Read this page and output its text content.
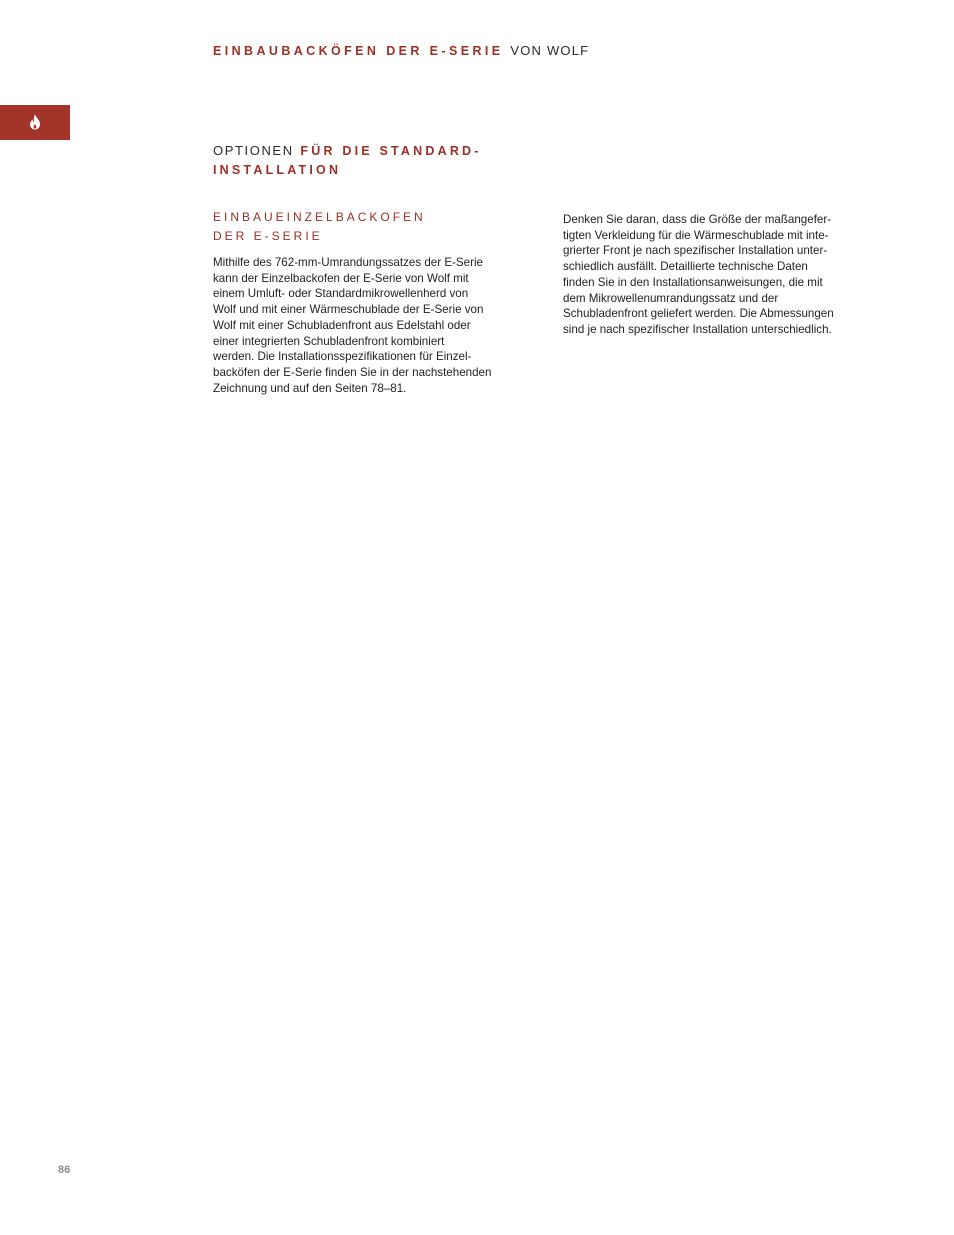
EINBAUBACKÖFEN DER E-SERIE VON WOLF
OPTIONEN FÜR DIE STANDARD-
INSTALLATION
EINBAUEINZELBACKOFEN
DER E-SERIE
Mithilfe des 762-mm-Umrandungssatzes der E-Serie
kann der Einzelbackofen der E-Serie von Wolf mit
einem Umluft- oder Standardmikrowellenherd von
Wolf und mit einer Wärmeschublade der E-Serie von
Wolf mit einer Schubladenfront aus Edelstahl oder
einer integrierten Schubladenfront kombiniert
werden. Die Installationsspezifikationen für Einzel-
backöfen der E-Serie finden Sie in der nachstehenden
Zeichnung und auf den Seiten 78–81.
Denken Sie daran, dass die Größe der maßangefer-
tigten Verkleidung für die Wärmeschublade mit inte-
grierter Front je nach spezifischer Installation unter-
schiedlich ausfällt. Detaillierte technische Daten
finden Sie in den Installationsanweisungen, die mit
dem Mikrowellenumrandungssatz und der
Schubladenfront geliefert werden. Die Abmessungen
sind je nach spezifischer Installation unterschiedlich.
86
